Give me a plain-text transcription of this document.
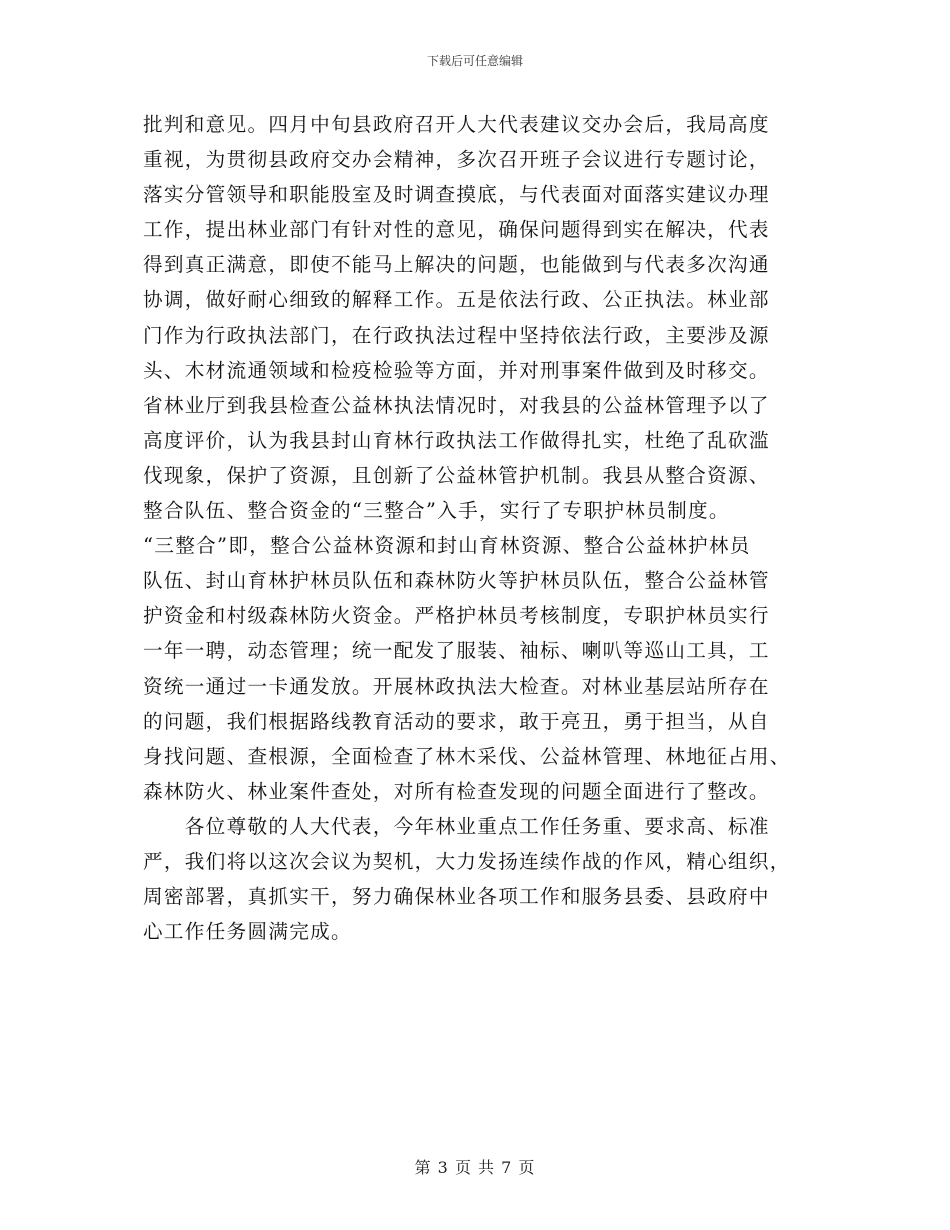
下载后可任意编辑
批判和意见。四月中旬县政府召开人大代表建议交办会后，我局高度
重视，为贯彻县政府交办会精神，多次召开班子会议进行专题讨论，
落实分管领导和职能股室及时调查摸底，与代表面对面落实建议办理
工作，提出林业部门有针对性的意见，确保问题得到实在解决，代表
得到真正满意，即使不能马上解决的问题，也能做到与代表多次沟通
协调，做好耐心细致的解释工作。五是依法行政、公正执法。林业部
门作为行政执法部门，在行政执法过程中坚持依法行政，主要涉及源
头、木材流通领域和检疫检验等方面，并对刑事案件做到及时移交。
省林业厅到我县检查公益林执法情况时，对我县的公益林管理予以了
高度评价，认为我县封山育林行政执法工作做得扎实，杜绝了乱砍滥
伐现象，保护了资源，且创新了公益林管护机制。我县从整合资源、
整合队伍、整合资金的“三整合”入手，实行了专职护林员制度。
“三整合”即，整合公益林资源和封山育林资源、整合公益林护林员
队伍、封山育林护林员队伍和森林防火等护林员队伍，整合公益林管
护资金和村级森林防火资金。严格护林员考核制度，专职护林员实行
一年一聘，动态管理；统一配发了服装、袖标、喇叭等巡山工具，工
资统一通过一卡通发放。开展林政执法大检查。对林业基层站所存在
的问题，我们根据路线教育活动的要求，敢于亮丑，勇于担当，从自
身找问题、查根源，全面检查了林木采伐、公益林管理、林地征占用、
森林防火、林业案件查处，对所有检查发现的问题全面进行了整改。
　　各位尊敬的人大代表，今年林业重点工作任务重、要求高、标准
严，我们将以这次会议为契机，大力发扬连续作战的作风，精心组织，
周密部署，真抓实干，努力确保林业各项工作和服务县委、县政府中
心工作任务圆满完成。
第 3 页 共 7 页
